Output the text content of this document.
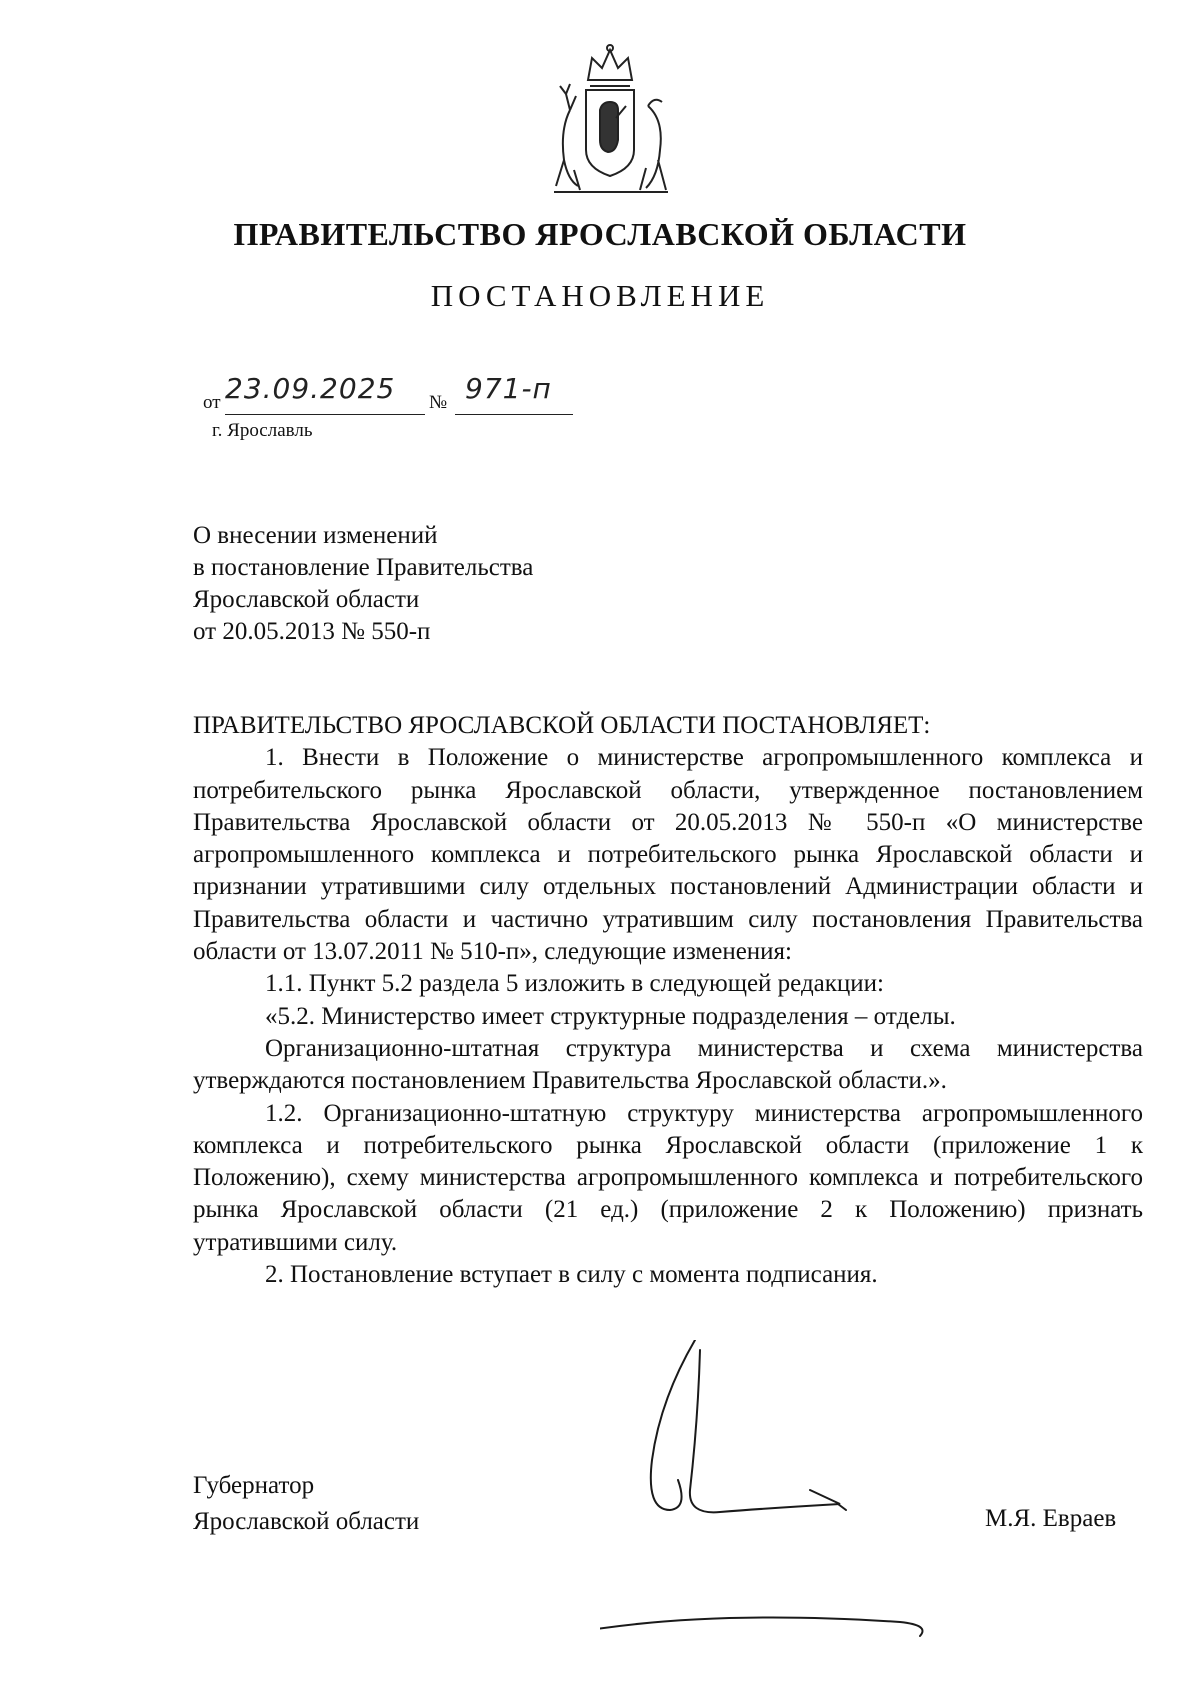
ПРАВИТЕЛЬСТВО ЯРОСЛАВСКОЙ ОБЛАСТИ
ПОСТАНОВЛЕНИЕ
от 23.09.2025 № 971-п
г. Ярославль
О внесении изменений
в постановление Правительства
Ярославской области
от 20.05.2013 № 550-п

ПРАВИТЕЛЬСТВО ЯРОСЛАВСКОЙ ОБЛАСТИ ПОСТАНОВЛЯЕТ:

1. Внести в Положение о министерстве агропромышленного комплекса и потребительского рынка Ярославской области, утвержденное постановлением Правительства Ярославской области от 20.05.2013 № 550-п «О министерстве агропромышленного комплекса и потребительского рынка Ярославской области и признании утратившими силу отдельных постановлений Администрации области и Правительства области и частично утратившим силу постановления Правительства области от 13.07.2011 № 510-п», следующие изменения:

1.1. Пункт 5.2 раздела 5 изложить в следующей редакции:

«5.2. Министерство имеет структурные подразделения – отделы.

Организационно-штатная структура министерства и схема министерства утверждаются постановлением Правительства Ярославской области.».

1.2. Организационно-штатную структуру министерства агропромышленного комплекса и потребительского рынка Ярославской области (приложение 1 к Положению), схему министерства агропромышленного комплекса и потребительского рынка Ярославской области (21 ед.) (приложение 2 к Положению) признать утратившими силу.

2. Постановление вступает в силу с момента подписания.

Губернатор
Ярославской области	М.Я. Евраев
